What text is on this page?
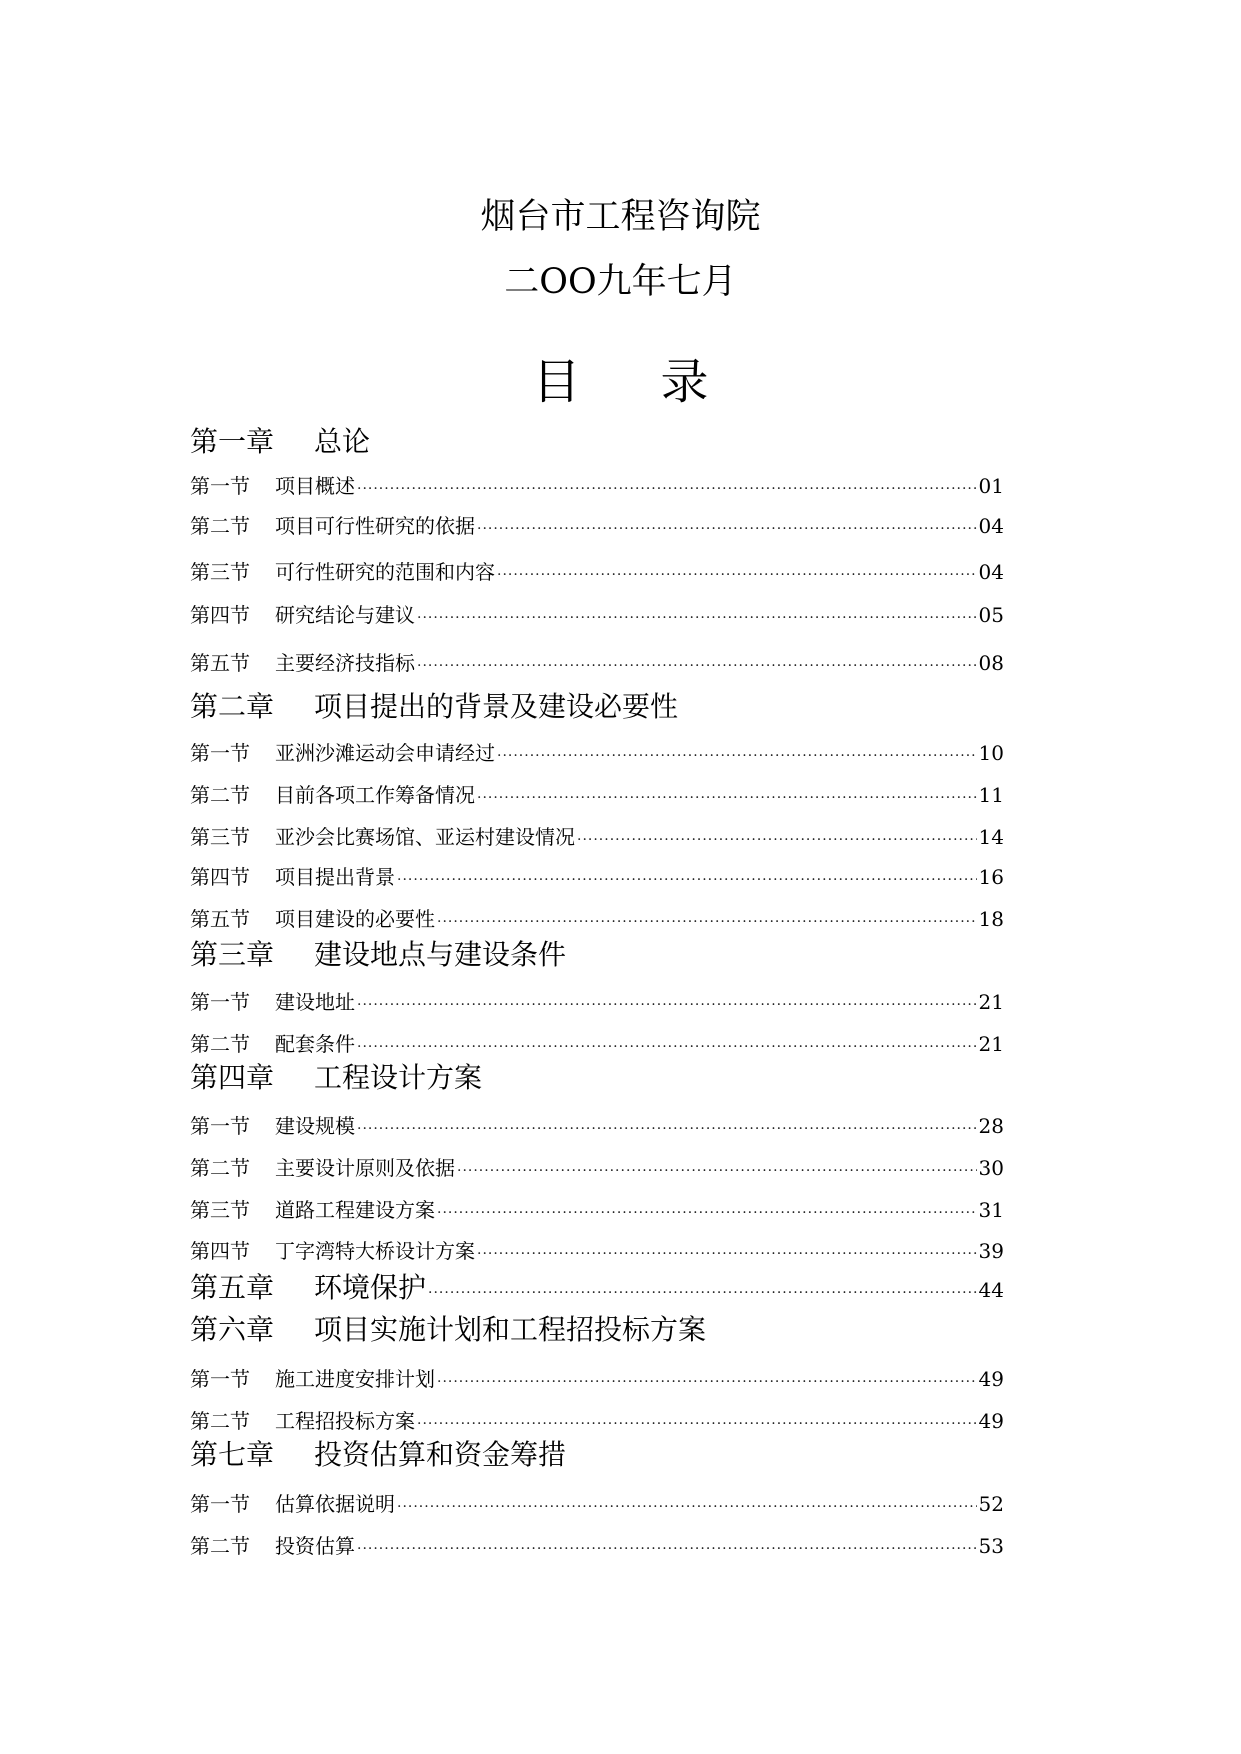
烟台市工程咨询院
二OO九年七月
目 录
第一章 总论
第一节 项目概述 ·····	01
第二节 项目可行性研究的依据 ·····	04
第三节 可行性研究的范围和内容 ·····	04
第四节 研究结论与建议 ·····	05
第五节 主要经济技指标 ·····	08
第二章 项目提出的背景及建设必要性
第一节 亚洲沙滩运动会申请经过 ·····	10
第二节 目前各项工作筹备情况 ·····	11
第三节 亚沙会比赛场馆、亚运村建设情况 ·····	14
第四节 项目提出背景 ·····	16
第五节 项目建设的必要性 ·····	18
第三章 建设地点与建设条件
第一节 建设地址 ·····	21
第二节 配套条件 ·····	21
第四章 工程设计方案
第一节 建设规模 ·····	28
第二节 主要设计原则及依据 ·····	30
第三节 道路工程建设方案 ·····	31
第四节 丁字湾特大桥设计方案 ·····	39
第五章 环境保护 ·····	44
第六章 项目实施计划和工程招投标方案
第一节 施工进度安排计划 ·····	49
第二节 工程招投标方案 ·····	49
第七章 投资估算和资金筹措
第一节 估算依据说明 ·····	52
第二节 投资估算 ·····	53
